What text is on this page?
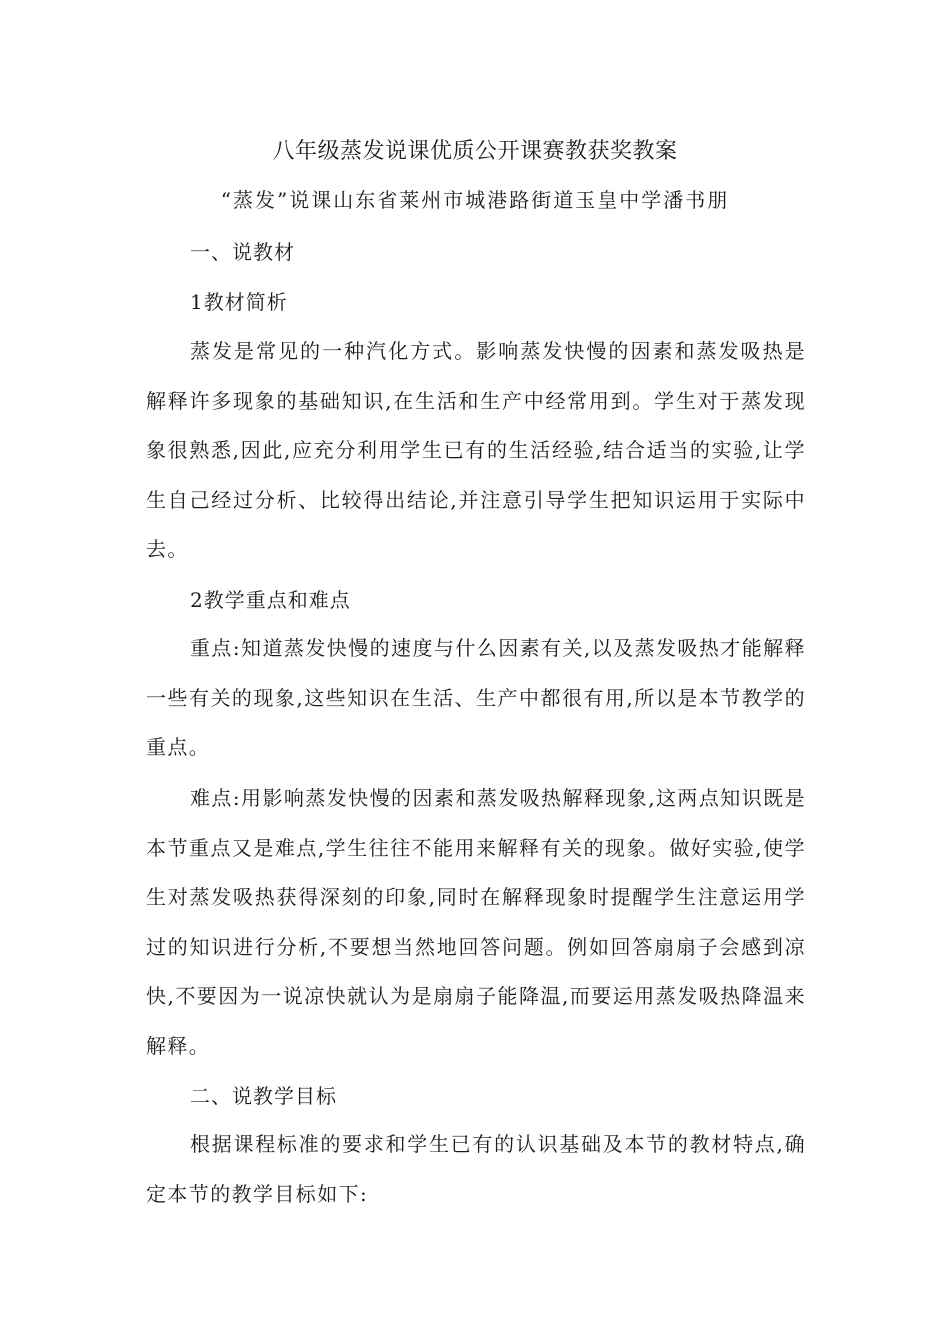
八年级蒸发说课优质公开课赛教获奖教案
“蒸发”说课山东省莱州市城港路街道玉皇中学潘书朋
一、说教材
1教材简析
蒸发是常见的一种汽化方式。影响蒸发快慢的因素和蒸发吸热是解释许多现象的基础知识,在生活和生产中经常用到。学生对于蒸发现象很熟悉,因此,应充分利用学生已有的生活经验,结合适当的实验,让学生自己经过分析、比较得出结论,并注意引导学生把知识运用于实际中去。
2教学重点和难点
重点:知道蒸发快慢的速度与什么因素有关,以及蒸发吸热才能解释一些有关的现象,这些知识在生活、生产中都很有用,所以是本节教学的重点。
难点:用影响蒸发快慢的因素和蒸发吸热解释现象,这两点知识既是本节重点又是难点,学生往往不能用来解释有关的现象。做好实验,使学生对蒸发吸热获得深刻的印象,同时在解释现象时提醒学生注意运用学过的知识进行分析,不要想当然地回答问题。例如回答扇扇子会感到凉快,不要因为一说凉快就认为是扇扇子能降温,而要运用蒸发吸热降温来解释。
二、说教学目标
根据课程标准的要求和学生已有的认识基础及本节的教材特点,确定本节的教学目标如下:
